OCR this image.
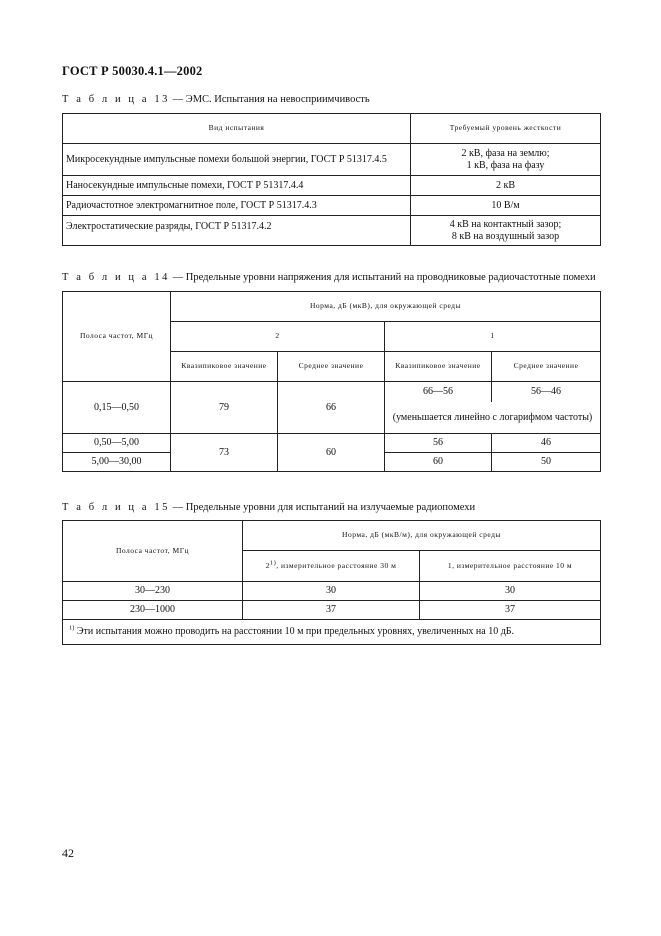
ГОСТ Р 50030.4.1—2002
Т а б л и ц а 13 — ЭМС. Испытания на невосприимчивость
Вид испытания	Требуемый уровень жесткости
Микросекундные импульсные помехи большой энергии, ГОСТ Р 51317.4.5	2 кВ, фаза на землю;
1 кВ, фаза на фазу

Наносекундные импульсные помехи, ГОСТ Р 51317.4.4	2 кВ
Радиочастотное электромагнитное поле, ГОСТ Р 51317.4.3	10 В/м
Электростатические разряды, ГОСТ Р 51317.4.2	4 кВ на контактный зазор;
8 кВ на воздушный зазор
Т а б л и ц а 14 — Предельные уровни напряжения для испытаний на проводниковые радиочастотные помехи
Полоса частот, МГц	Норма, дБ (мкВ), для окружающей среды			
	2		1	
	Квазипиковое значение	Среднее значение	Квазипиковое значение	Среднее значение
0,15—0,50	79	66	66—56	56—46
			(уменьшается линейно с логарифмом частоты)	
0,50—5,00	73	60	56	46
5,00—30,00			60	50
Т а б л и ц а 15 — Предельные уровни для испытаний на излучаемые радиопомехи
Полоса частот, МГц	Норма, дБ (мкВ/м), для окружающей среды	
	2$^{1)}$, измерительное расстояние 30 м	1, измерительное расстояние 10 м
30—230	30	30
230—1000	37	37
$^{1)}$ Эти испытания можно проводить на расстоянии 10 м при предельных уровнях, увеличенных на 10 дБ.		
42
